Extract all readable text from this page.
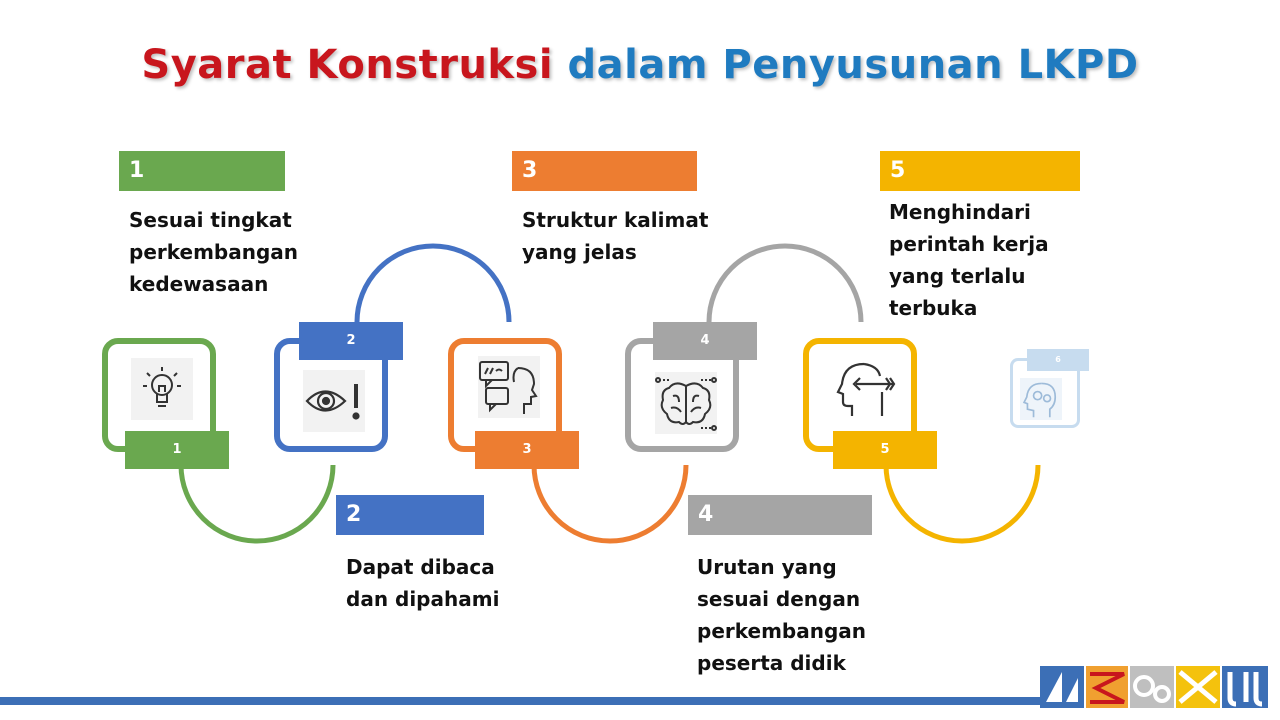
Syarat Konstruksi dalam Penyusunan LKPD
1
Sesuai tingkat
perkembangan
kedewasaan
1
2
2
Dapat dibaca
dan dipahami
3
Struktur kalimat
yang jelas
3
4
4
Urutan yang
sesuai dengan
perkembangan
peserta didik
5
Menghindari
perintah kerja
yang terlalu
terbuka
5
6
